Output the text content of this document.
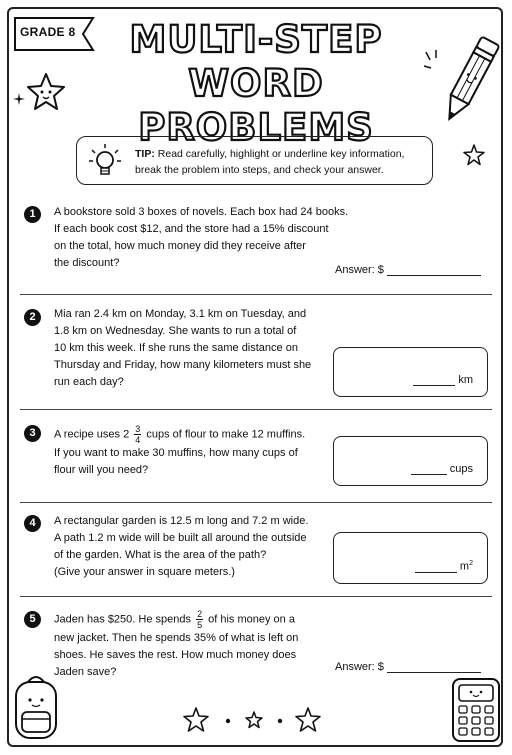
GRADE 8	MULTI-STEP
WORD PROBLEMS
TIP: Read carefully, highlight or underline key information,
break the problem into steps, and check your answer.
1	A bookstore sold 3 boxes of novels. Each box had 24 books.
If each book cost $12, and the store had a 15% discount
on the total, how much money did they receive after
the discount?
Answer: $
2	Mia ran 2.4 km on Monday, 3.1 km on Tuesday, and
1.8 km on Wednesday. She wants to run a total of
10 km this week. If she runs the same distance on
Thursday and Friday, how many kilometers must she
run each day?	km
3	A recipe uses $2 \frac{3}{4}$ cups of flour to make 12 muffins.
If you want to make 30 muffins, how many cups of
flour will you need?	cups
4	A rectangular garden is 12.5 m long and 7.2 m wide.
A path 1.2 m wide will be built all around the outside
of the garden. What is the area of the path?
(Give your answer in square meters.)	$m^2$
5	Jaden has $250. He spends $\frac{2}{5}$ of his money on a
new jacket. Then he spends 35% of what is left on
shoes. He saves the rest. How much money does
Jaden save?	Answer: $
